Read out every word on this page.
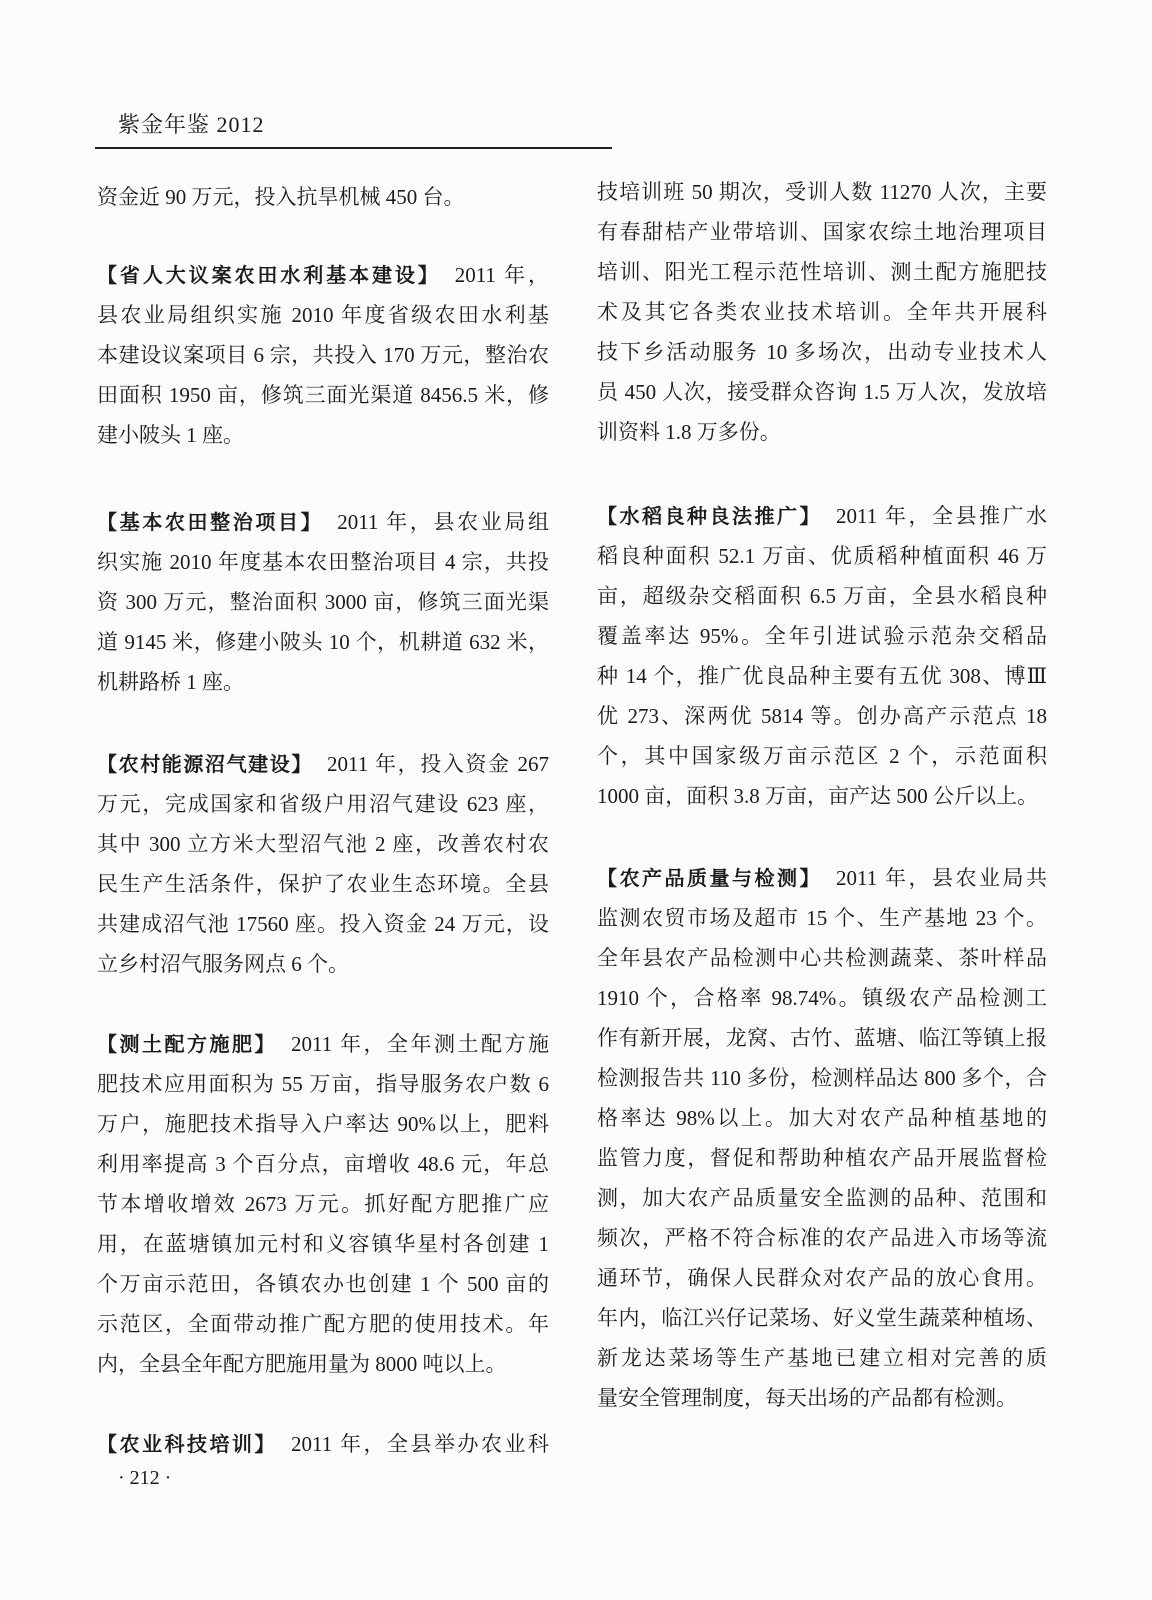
紫金年鉴 2012
资金近 90 万元，投入抗旱机械 450 台。
【省人大议案农田水利基本建设】 2011 年，
县农业局组织实施 2010 年度省级农田水利基
本建设议案项目 6 宗，共投入 170 万元，整治农
田面积 1950 亩，修筑三面光渠道 8456.5 米，修
建小陂头 1 座。
【基本农田整治项目】 2011 年，县农业局组
织实施 2010 年度基本农田整治项目 4 宗，共投
资 300 万元，整治面积 3000 亩，修筑三面光渠
道 9145 米，修建小陂头 10 个，机耕道 632 米，
机耕路桥 1 座。
【农村能源沼气建设】 2011 年，投入资金 267
万元，完成国家和省级户用沼气建设 623 座，
其中 300 立方米大型沼气池 2 座，改善农村农
民生产生活条件，保护了农业生态环境。全县
共建成沼气池 17560 座。投入资金 24 万元，设
立乡村沼气服务网点 6 个。
【测土配方施肥】 2011 年，全年测土配方施
肥技术应用面积为 55 万亩，指导服务农户数 6
万户，施肥技术指导入户率达 90%以上，肥料
利用率提高 3 个百分点，亩增收 48.6 元，年总
节本增收增效 2673 万元。抓好配方肥推广应
用，在蓝塘镇加元村和义容镇华星村各创建 1
个万亩示范田，各镇农办也创建 1 个 500 亩的
示范区，全面带动推广配方肥的使用技术。年
内，全县全年配方肥施用量为 8000 吨以上。
【农业科技培训】 2011 年，全县举办农业科
· 212 ·
技培训班 50 期次，受训人数 11270 人次，主要
有春甜桔产业带培训、国家农综土地治理项目
培训、阳光工程示范性培训、测土配方施肥技
术及其它各类农业技术培训。全年共开展科
技下乡活动服务 10 多场次，出动专业技术人
员 450 人次，接受群众咨询 1.5 万人次，发放培
训资料 1.8 万多份。
【水稻良种良法推广】 2011 年，全县推广水
稻良种面积 52.1 万亩、优质稻种植面积 46 万
亩，超级杂交稻面积 6.5 万亩，全县水稻良种
覆盖率达 95%。全年引进试验示范杂交稻品
种 14 个，推广优良品种主要有五优 308、博Ⅲ
优 273、深两优 5814 等。创办高产示范点 18
个，其中国家级万亩示范区 2 个，示范面积
1000 亩，面积 3.8 万亩，亩产达 500 公斤以上。
【农产品质量与检测】 2011 年，县农业局共
监测农贸市场及超市 15 个、生产基地 23 个。
全年县农产品检测中心共检测蔬菜、茶叶样品
1910 个，合格率 98.74%。镇级农产品检测工
作有新开展，龙窝、古竹、蓝塘、临江等镇上报
检测报告共 110 多份，检测样品达 800 多个，合
格率达 98%以上。加大对农产品种植基地的
监管力度，督促和帮助种植农产品开展监督检
测，加大农产品质量安全监测的品种、范围和
频次，严格不符合标准的农产品进入市场等流
通环节，确保人民群众对农产品的放心食用。
年内，临江兴仔记菜场、好义堂生蔬菜种植场、
新龙达菜场等生产基地已建立相对完善的质
量安全管理制度，每天出场的产品都有检测。
